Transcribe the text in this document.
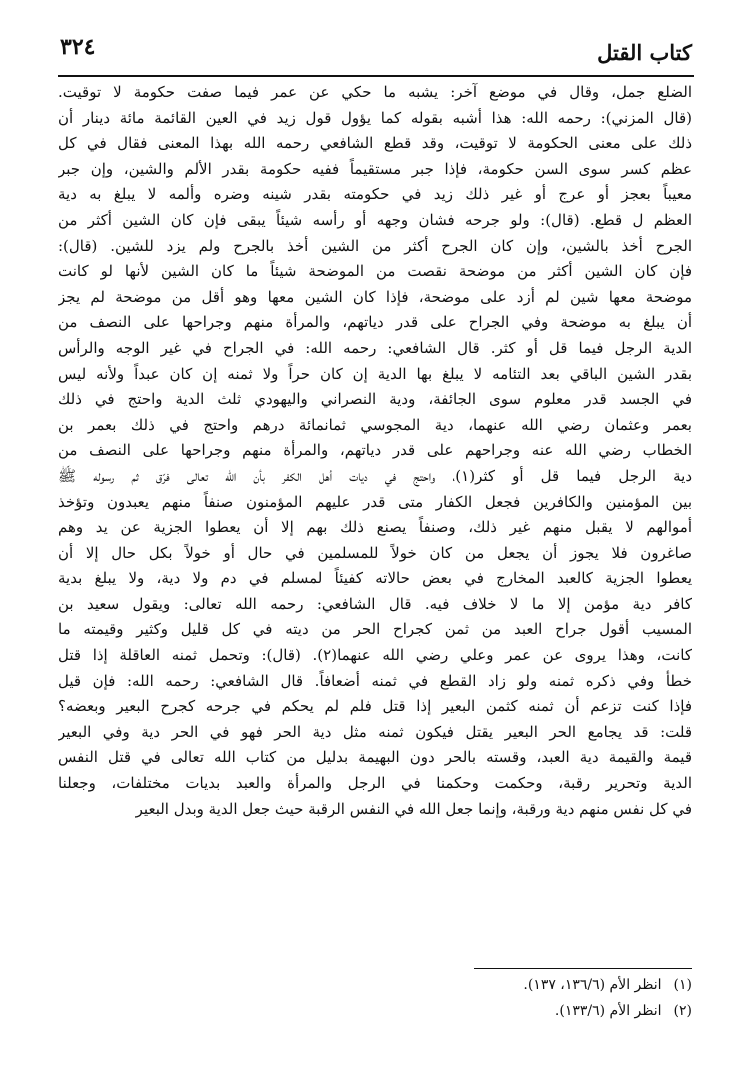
كتاب القتل
٣٢٤
الضلع جمل، وقال في موضع آخر: يشبه ما حكي عن عمر فيما صفت حكومة لا توقيت.
(قال المزني): رحمه الله: هذا أشبه بقوله كما يؤول قول زيد في العين القائمة مائة دينار أن
ذلك على معنى الحكومة لا توقيت، وقد قطع الشافعي رحمه الله بهذا المعنى فقال في كل
عظم كسر سوى السن حكومة، فإذا جبر مستقيماً ففيه حكومة بقدر الألم والشين، وإن جبر
معيباً بعجز أو عرج أو غير ذلك زيد في حكومته بقدر شينه وضره وألمه لا يبلغ به دية
العظم ل قطع. (قال): ولو جرحه فشان وجهه أو رأسه شيئاً يبقى فإن كان الشين أكثر من
الجرح أخذ بالشين، وإن كان الجرح أكثر من الشين أخذ بالجرح ولم يزد للشين. (قال):
فإن كان الشين أكثر من موضحة نقصت من الموضحة شيئاً ما كان الشين لأنها لو كانت
موضحة معها شين لم أزد على موضحة، فإذا كان الشين معها وهو أقل من موضحة لم يجز
أن يبلغ به موضحة وفي الجراح على قدر دياتهم، والمرأة منهم وجراحها على النصف من
الدية الرجل فيما قل أو كثر. قال الشافعي: رحمه الله: في الجراح في غير الوجه والرأس
بقدر الشين الباقي بعد التئامه لا يبلغ بها الدية إن كان حراً ولا ثمنه إن كان عبداً ولأنه ليس
في الجسد قدر معلوم سوى الجائفة، ودية النصراني واليهودي ثلث الدية واحتج في ذلك
بعمر وعثمان رضي الله عنهما، دية المجوسي ثمانمائة درهم واحتج في ذلك بعمر بن
الخطاب رضي الله عنه وجراحهم على قدر دياتهم، والمرأة منهم وجراحها على النصف من
دية الرجل فيما قل أو كثر(١)، واحتج في ديات أهل الكفر بأن الله تعالى فرّق ثم رسوله ﷺ
بين المؤمنين والكافرين فجعل الكفار متى قدر عليهم المؤمنون صنفاً منهم يعبدون وتؤخذ
أموالهم لا يقبل منهم غير ذلك، وصنفاً يصنع ذلك بهم إلا أن يعطوا الجزية عن يد وهم
صاغرون فلا يجوز أن يجعل من كان خولاً للمسلمين في حال أو خولاً بكل حال إلا أن
يعطوا الجزية كالعبد المخارج في بعض حالاته كفيئاً لمسلم في دم ولا دية، ولا يبلغ بدية
كافر دية مؤمن إلا ما لا خلاف فيه. قال الشافعي: رحمه الله تعالى: ويقول سعيد بن
المسيب أقول جراح العبد من ثمن كجراح الحر من ديته في كل قليل وكثير وقيمته ما
كانت، وهذا يروى عن عمر وعلي رضي الله عنهما(٢). (قال): وتحمل ثمنه العاقلة إذا قتل
خطأ وفي ذكره ثمنه ولو زاد القطع في ثمنه أضعافاً. قال الشافعي: رحمه الله: فإن قيل
فإذا كنت تزعم أن ثمنه كثمن البعير إذا قتل فلم لم يحكم في جرحه كجرح البعير وبعضه؟
قلت: قد يجامع الحر البعير يقتل فيكون ثمنه مثل دية الحر فهو في الحر دية وفي البعير
قيمة والقيمة دية العبد، وقسته بالحر دون البهيمة بدليل من كتاب الله تعالى في قتل النفس
الدية وتحرير رقبة، وحكمت وحكمنا في الرجل والمرأة والعبد بديات مختلفات، وجعلنا
في كل نفس منهم دية ورقبة، وإنما جعل الله في النفس الرقبة حيث جعل الدية وبدل البعير
(١)انظر الأم (١٣٦/٦، ١٣٧).
(٢)انظر الأم (١٣٣/٦).
